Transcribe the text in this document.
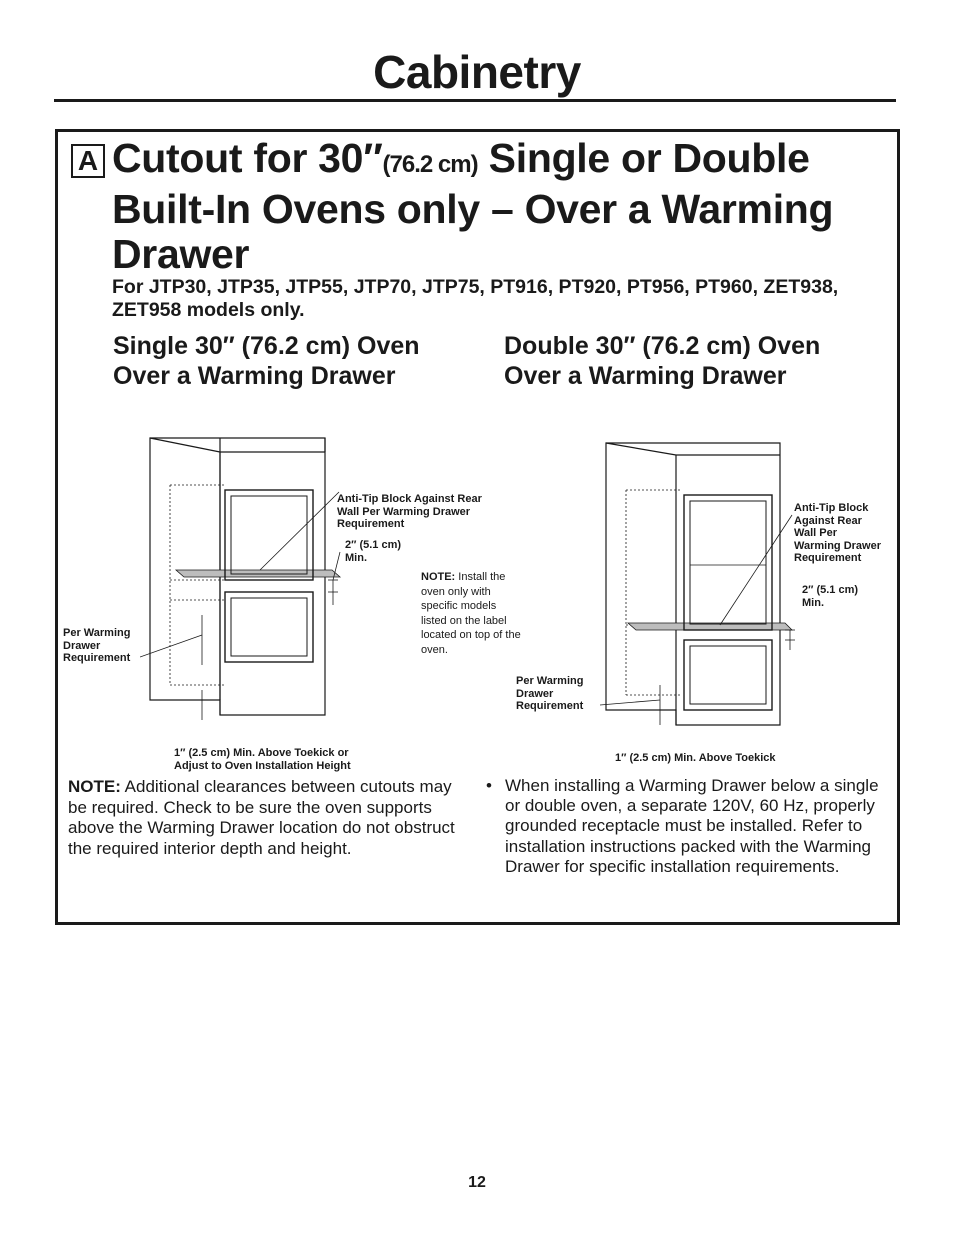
Cabinetry
A Cutout for 30″(76.2 cm) Single or Double Built-In Ovens only – Over a Warming Drawer
For JTP30, JTP35, JTP55, JTP70, JTP75, PT916, PT920, PT956, PT960, ZET938, ZET958 models only.
Single 30″ (76.2 cm) Oven Over a Warming Drawer
Double 30″ (76.2 cm) Oven Over a Warming Drawer
Anti-Tip Block Against Rear Wall Per Warming Drawer Requirement
2″ (5.1 cm) Min.
Per Warming Drawer Requirement
1″ (2.5 cm) Min. Above Toekick or Adjust to Oven Installation Height
NOTE: Install the oven only with specific models listed on the label located on top of the oven.
Anti-Tip Block Against Rear Wall Per Warming Drawer Requirement
2″ (5.1 cm) Min.
Per Warming Drawer Requirement
1″ (2.5 cm) Min. Above Toekick
NOTE: Additional clearances between cutouts may be required. Check to be sure the oven supports above the Warming Drawer location do not obstruct the required interior depth and height.
• When installing a Warming Drawer below a single or double oven, a separate 120V, 60 Hz, properly grounded receptacle must be installed. Refer to installation instructions packed with the Warming Drawer for specific installation requirements.
12
